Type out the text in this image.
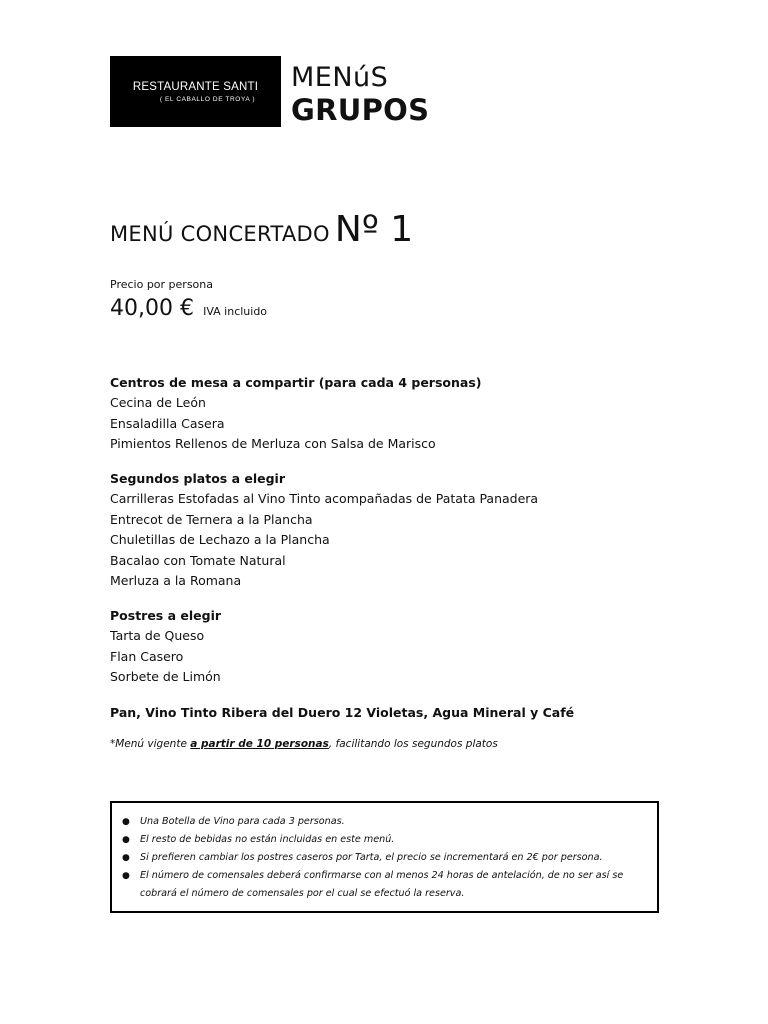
RESTAURANTE SANTI
( EL CABALLO DE TROYA )
MENúS
GRUPOS
MENÚ CONCERTADO Nº 1
Precio por persona
40,00 € IVA incluido
Centros de mesa a compartir (para cada 4 personas)
Cecina de León
Ensaladilla Casera
Pimientos Rellenos de Merluza con Salsa de Marisco
Segundos platos a elegir
Carrilleras Estofadas al Vino Tinto acompañadas de Patata Panadera
Entrecot de Ternera a la Plancha
Chuletillas de Lechazo a la Plancha
Bacalao con Tomate Natural
Merluza a la Romana
Postres a elegir
Tarta de Queso
Flan Casero
Sorbete de Limón
Pan, Vino Tinto Ribera del Duero 12 Violetas, Agua Mineral y Café
*Menú vigente a partir de 10 personas, facilitando los segundos platos
● Una Botella de Vino para cada 3 personas.
● El resto de bebidas no están incluidas en este menú.
● Si prefieren cambiar los postres caseros por Tarta, el precio se incrementará en 2€ por persona.
● El número de comensales deberá confirmarse con al menos 24 horas de antelación, de no ser así se cobrará el número de comensales por el cual se efectuó la reserva.
